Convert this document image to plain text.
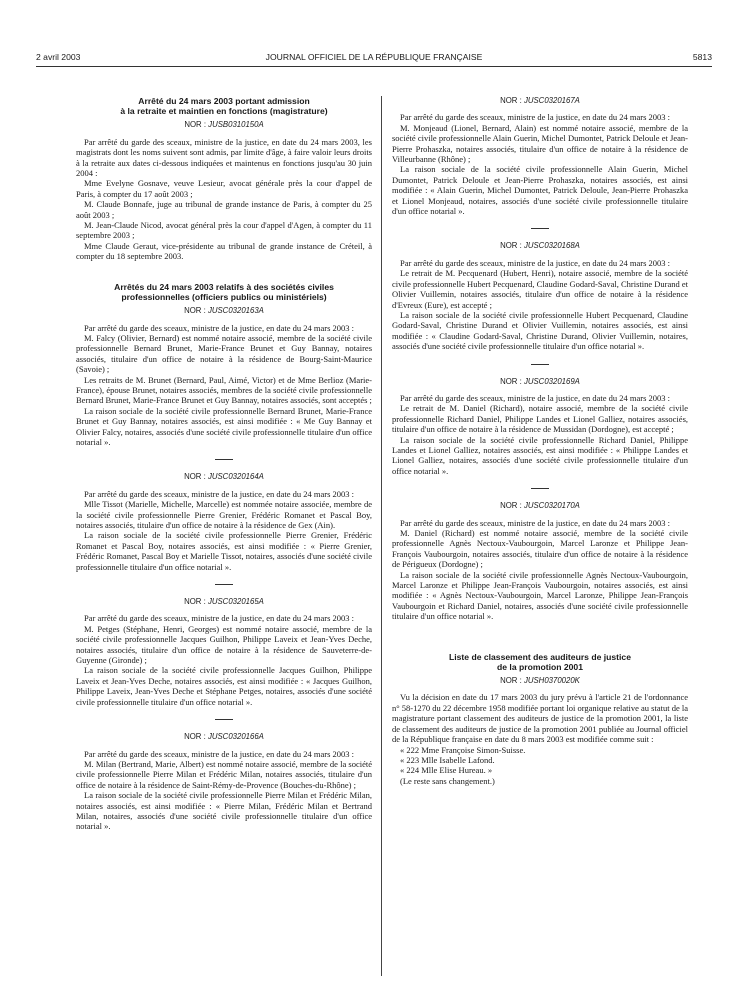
2 avril 2003	JOURNAL OFFICIEL DE LA RÉPUBLIQUE FRANÇAISE	5813

Arrêté du 24 mars 2003 portant admission

à la retraite et maintien en fonctions (magistrature)

NOR : JUSB0310150A

Par arrêté du garde des sceaux, ministre de la justice, en date du 24 mars 2003, les magistrats dont les noms suivent sont admis, par limite d'âge, à faire valoir leurs droits à la retraite aux dates ci-dessous indiquées et maintenus en fonctions jusqu'au 30 juin 2004 :

Mme Evelyne Gosnave, veuve Lesieur, avocat générale près la cour d'appel de Paris, à compter du 17 août 2003 ;

M. Claude Bonnafe, juge au tribunal de grande instance de Paris, à compter du 25 août 2003 ;

M. Jean-Claude Nicod, avocat général près la cour d'appel d'Agen, à compter du 11 septembre 2003 ;

Mme Claude Geraut, vice-présidente au tribunal de grande instance de Créteil, à compter du 18 septembre 2003.

Arrêtés du 24 mars 2003 relatifs à des sociétés civiles

professionnelles (officiers publics ou ministériels)

NOR : JUSC0320163A

Par arrêté du garde des sceaux, ministre de la justice, en date du 24 mars 2003 :

M. Falcy (Olivier, Bernard) est nommé notaire associé, membre de la société civile professionnelle Bernard Brunet, Marie-France Brunet et Guy Bannay, notaires associés, titulaire d'un office de notaire à la résidence de Bourg-Saint-Maurice (Savoie) ;

Les retraits de M. Brunet (Bernard, Paul, Aimé, Victor) et de Mme Berlioz (Marie-France), épouse Brunet, notaires associés, membres de la société civile professionnelle Bernard Brunet, Marie-France Brunet et Guy Bannay, notaires associés, sont acceptés ;

La raison sociale de la société civile professionnelle Bernard Brunet, Marie-France Brunet et Guy Bannay, notaires associés, est ainsi modifiée : « Me Guy Bannay et Olivier Falcy, notaires, associés d'une société civile professionnelle titulaire d'un office notarial ».

NOR : JUSC0320164A

Par arrêté du garde des sceaux, ministre de la justice, en date du 24 mars 2003 :

Mlle Tissot (Marielle, Michelle, Marcelle) est nommée notaire associée, membre de la société civile professionnelle Pierre Grenier, Frédéric Romanet et Pascal Boy, notaires associés, titulaire d'un office de notaire à la résidence de Gex (Ain).

La raison sociale de la société civile professionnelle Pierre Grenier, Frédéric Romanet et Pascal Boy, notaires associés, est ainsi modifiée : « Pierre Grenier, Frédéric Romanet, Pascal Boy et Marielle Tissot, notaires, associés d'une société civile professionnelle titulaire d'un office notarial ».

NOR : JUSC0320165A

Par arrêté du garde des sceaux, ministre de la justice, en date du 24 mars 2003 :

M. Petges (Stéphane, Henri, Georges) est nommé notaire associé, membre de la société civile professionnelle Jacques Guilhon, Philippe Laveix et Jean-Yves Deche, notaires associés, titulaire d'un office de notaire à la résidence de Sauveterre-de-Guyenne (Gironde) ;

La raison sociale de la société civile professionnelle Jacques Guilhon, Philippe Laveix et Jean-Yves Deche, notaires associés, est ainsi modifiée : « Jacques Guilhon, Philippe Laveix, Jean-Yves Deche et Stéphane Petges, notaires, associés d'une société civile professionnelle titulaire d'un office notarial ».

NOR : JUSC0320166A

Par arrêté du garde des sceaux, ministre de la justice, en date du 24 mars 2003 :

M. Milan (Bertrand, Marie, Albert) est nommé notaire associé, membre de la société civile professionnelle Pierre Milan et Frédéric Milan, notaires associés, titulaire d'un office de notaire à la résidence de Saint-Rémy-de-Provence (Bouches-du-Rhône) ;

La raison sociale de la société civile professionnelle Pierre Milan et Frédéric Milan, notaires associés, est ainsi modifiée : « Pierre Milan, Frédéric Milan et Bertrand Milan, notaires, associés d'une société civile professionnelle titulaire d'un office notarial ».

NOR : JUSC0320167A

Par arrêté du garde des sceaux, ministre de la justice, en date du 24 mars 2003 :

M. Monjeaud (Lionel, Bernard, Alain) est nommé notaire associé, membre de la société civile professionnelle Alain Guerin, Michel Dumontet, Patrick Deloule et Jean-Pierre Prohaszka, notaires associés, titulaire d'un office de notaire à la résidence de Villeurbanne (Rhône) ;

La raison sociale de la société civile professionnelle Alain Guerin, Michel Dumontet, Patrick Deloule et Jean-Pierre Prohaszka, notaires associés, est ainsi modifiée : « Alain Guerin, Michel Dumontet, Patrick Deloule, Jean-Pierre Prohaszka et Lionel Monjeaud, notaires, associés d'une société civile professionnelle titulaire d'un office notarial ».

NOR : JUSC0320168A

Par arrêté du garde des sceaux, ministre de la justice, en date du 24 mars 2003 :

Le retrait de M. Pecquenard (Hubert, Henri), notaire associé, membre de la société civile professionnelle Hubert Pecquenard, Claudine Godard-Saval, Christine Durand et Olivier Vuillemin, notaires associés, titulaire d'un office de notaire à la résidence d'Evreux (Eure), est accepté ;

La raison sociale de la société civile professionnelle Hubert Pecquenard, Claudine Godard-Saval, Christine Durand et Olivier Vuillemin, notaires associés, est ainsi modifiée : « Claudine Godard-Saval, Christine Durand, Olivier Vuillemin, notaires, associés d'une société civile professionnelle titulaire d'un office notarial ».

NOR : JUSC0320169A

Par arrêté du garde des sceaux, ministre de la justice, en date du 24 mars 2003 :

Le retrait de M. Daniel (Richard), notaire associé, membre de la société civile professionnelle Richard Daniel, Philippe Landes et Lionel Galliez, notaires associés, titulaire d'un office de notaire à la résidence de Mussidan (Dordogne), est accepté ;

La raison sociale de la société civile professionnelle Richard Daniel, Philippe Landes et Lionel Galliez, notaires associés, est ainsi modifiée : « Philippe Landes et Lionel Galliez, notaires, associés d'une société civile professionnelle titulaire d'un office notarial ».

NOR : JUSC0320170A

Par arrêté du garde des sceaux, ministre de la justice, en date du 24 mars 2003 :

M. Daniel (Richard) est nommé notaire associé, membre de la société civile professionnelle Agnès Nectoux-Vaubourgoin, Marcel Laronze et Philippe Jean-François Vaubourgoin, notaires associés, titulaire d'un office de notaire à la résidence de Périgueux (Dordogne) ;

La raison sociale de la société civile professionnelle Agnès Nectoux-Vaubourgoin, Marcel Laronze et Philippe Jean-François Vaubourgoin, notaires associés, est ainsi modifiée : « Agnès Nectoux-Vaubourgoin, Marcel Laronze, Philippe Jean-François Vaubourgoin et Richard Daniel, notaires, associés d'une société civile professionnelle titulaire d'un office notarial ».

Liste de classement des auditeurs de justice

de la promotion 2001

NOR : JUSH0370020K

Vu la décision en date du 17 mars 2003 du jury prévu à l'article 21 de l'ordonnance n° 58-1270 du 22 décembre 1958 modifiée portant loi organique relative au statut de la magistrature portant classement des auditeurs de justice de la promotion 2001, la liste de classement des auditeurs de justice de la promotion 2001 publiée au Journal officiel de la République française en date du 8 mars 2003 est modifiée comme suit :

« 222 Mme Françoise Simon-Suisse.

« 223 Mlle Isabelle Lafond.

« 224 Mlle Elise Hureau. »

(Le reste sans changement.)
